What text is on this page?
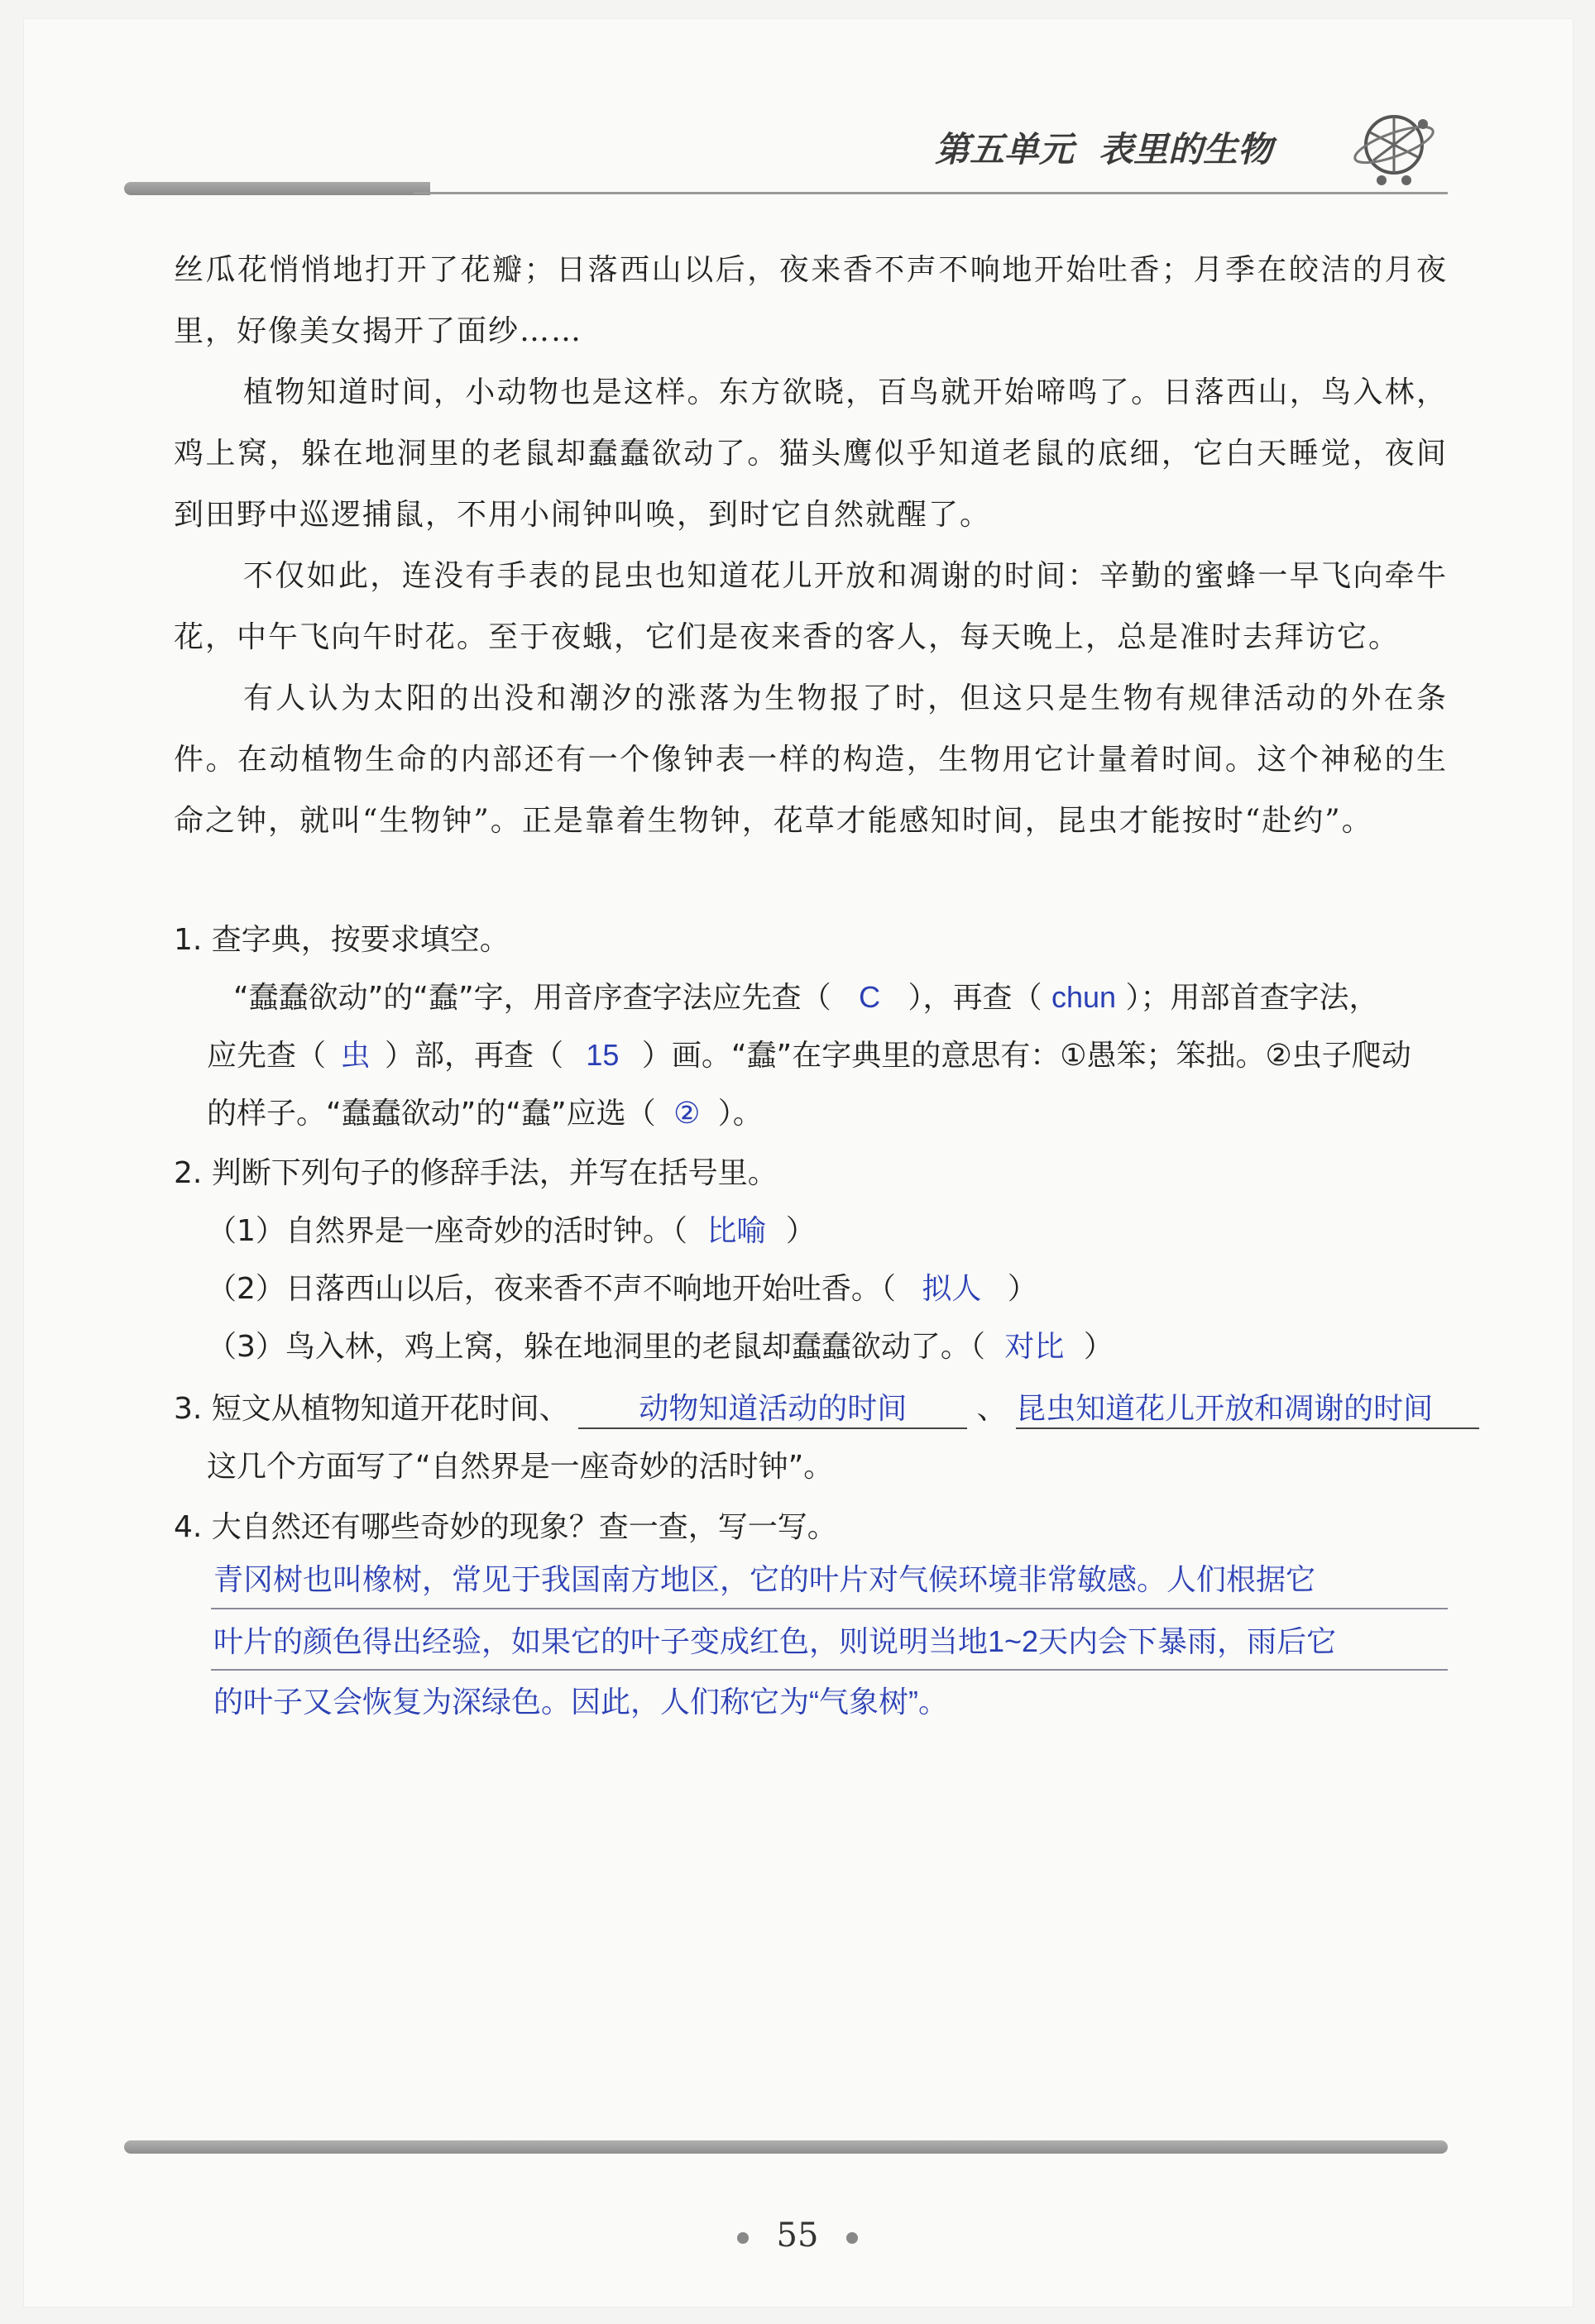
第五单元 表里的生物

丝瓜花悄悄地打开了花瓣；日落西山以后，夜来香不声不响地开始吐香；月季在皎洁的月夜里，好像美女揭开了面纱……

植物知道时间，小动物也是这样。东方欲晓，百鸟就开始啼鸣了。日落西山，鸟入林，鸡上窝，躲在地洞里的老鼠却蠢蠢欲动了。猫头鹰似乎知道老鼠的底细，它白天睡觉，夜间到田野中巡逻捕鼠，不用小闹钟叫唤，到时它自然就醒了。

不仅如此，连没有手表的昆虫也知道花儿开放和凋谢的时间：辛勤的蜜蜂一早飞向牵牛花，中午飞向午时花。至于夜蛾，它们是夜来香的客人，每天晚上，总是准时去拜访它。

有人认为太阳的出没和潮汐的涨落为生物报了时，但这只是生物有规律活动的外在条件。在动植物生命的内部还有一个像钟表一样的构造，生物用它计量着时间。这个神秘的生命之钟，就叫“生物钟”。正是靠着生物钟，花草才能感知时间，昆虫才能按时“赴约”。

1. 查字典，按要求填空。
“蠢蠢欲动”的“蠢”字，用音序查字法应先查（ C ），再查（ chun ）；用部首查字法，
应先查（ 虫 ）部，再查（ 15 ）画。“蠢”在字典里的意思有：①愚笨；笨拙。②虫子爬动
的样子。“蠢蠢欲动”的“蠢”应选（ ② ）。
2. 判断下列句子的修辞手法，并写在括号里。
（1）自然界是一座奇妙的活时钟。（ 比喻 ）
（2）日落西山以后，夜来香不声不响地开始吐香。（ 拟人 ）
（3）鸟入林，鸡上窝，躲在地洞里的老鼠却蠢蠢欲动了。（ 对比 ）
3. 短文从植物知道开花时间、 动物知道活动的时间 、 昆虫知道花儿开放和凋谢的时间
这几个方面写了“自然界是一座奇妙的活时钟”。
4. 大自然还有哪些奇妙的现象？查一查，写一写。
青冈树也叫橡树，常见于我国南方地区，它的叶片对气候环境非常敏感。人们根据它
叶片的颜色得出经验，如果它的叶子变成红色，则说明当地1~2天内会下暴雨，雨后它
的叶子又会恢复为深绿色。因此，人们称它为“气象树”。
55
